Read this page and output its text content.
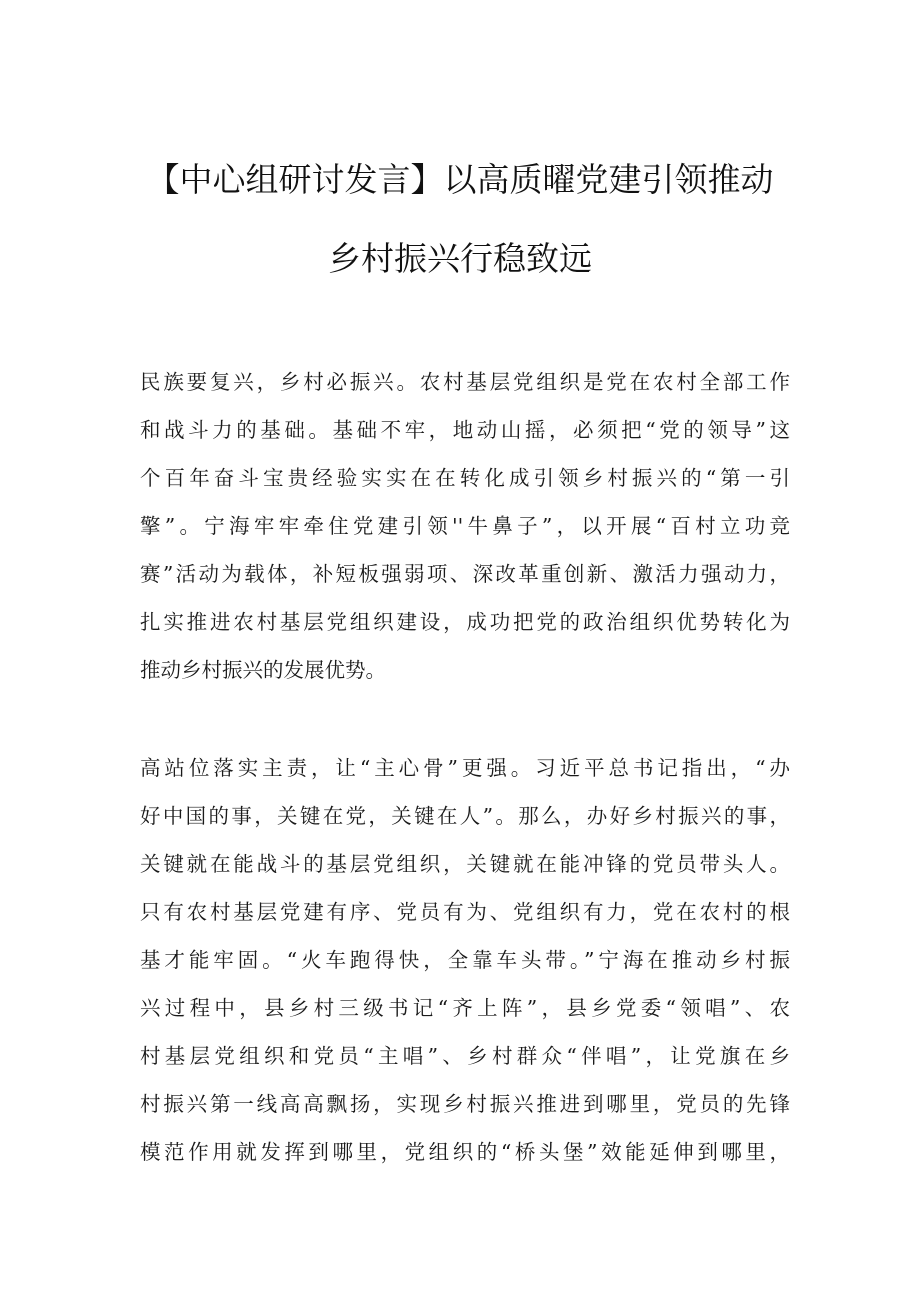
【中心组研讨发言】以高质曜党建引领推动
乡村振兴行稳致远
民族要复兴，乡村必振兴。农村基层党组织是党在农村全部工作
和战斗力的基础。基础不牢，地动山摇，必须把“党的领导”这
个百年奋斗宝贵经验实实在在转化成引领乡村振兴的“第一引
擎”。宁海牢牢牵住党建引领''牛鼻子”，以开展“百村立功竞
赛”活动为载体，补短板强弱项、深改革重创新、激活力强动力，
扎实推进农村基层党组织建设，成功把党的政治组织优势转化为
推动乡村振兴的发展优势。
高站位落实主责，让“主心骨”更强。习近平总书记指出，“办
好中国的事，关键在党，关键在人”。那么，办好乡村振兴的事，
关键就在能战斗的基层党组织，关键就在能冲锋的党员带头人。
只有农村基层党建有序、党员有为、党组织有力，党在农村的根
基才能牢固。“火车跑得快，全靠车头带。”宁海在推动乡村振
兴过程中，县乡村三级书记“齐上阵”，县乡党委“领唱”、农
村基层党组织和党员“主唱”、乡村群众“伴唱”，让党旗在乡
村振兴第一线高高飘扬，实现乡村振兴推进到哪里，党员的先锋
模范作用就发挥到哪里，党组织的“桥头堡”效能延伸到哪里，
